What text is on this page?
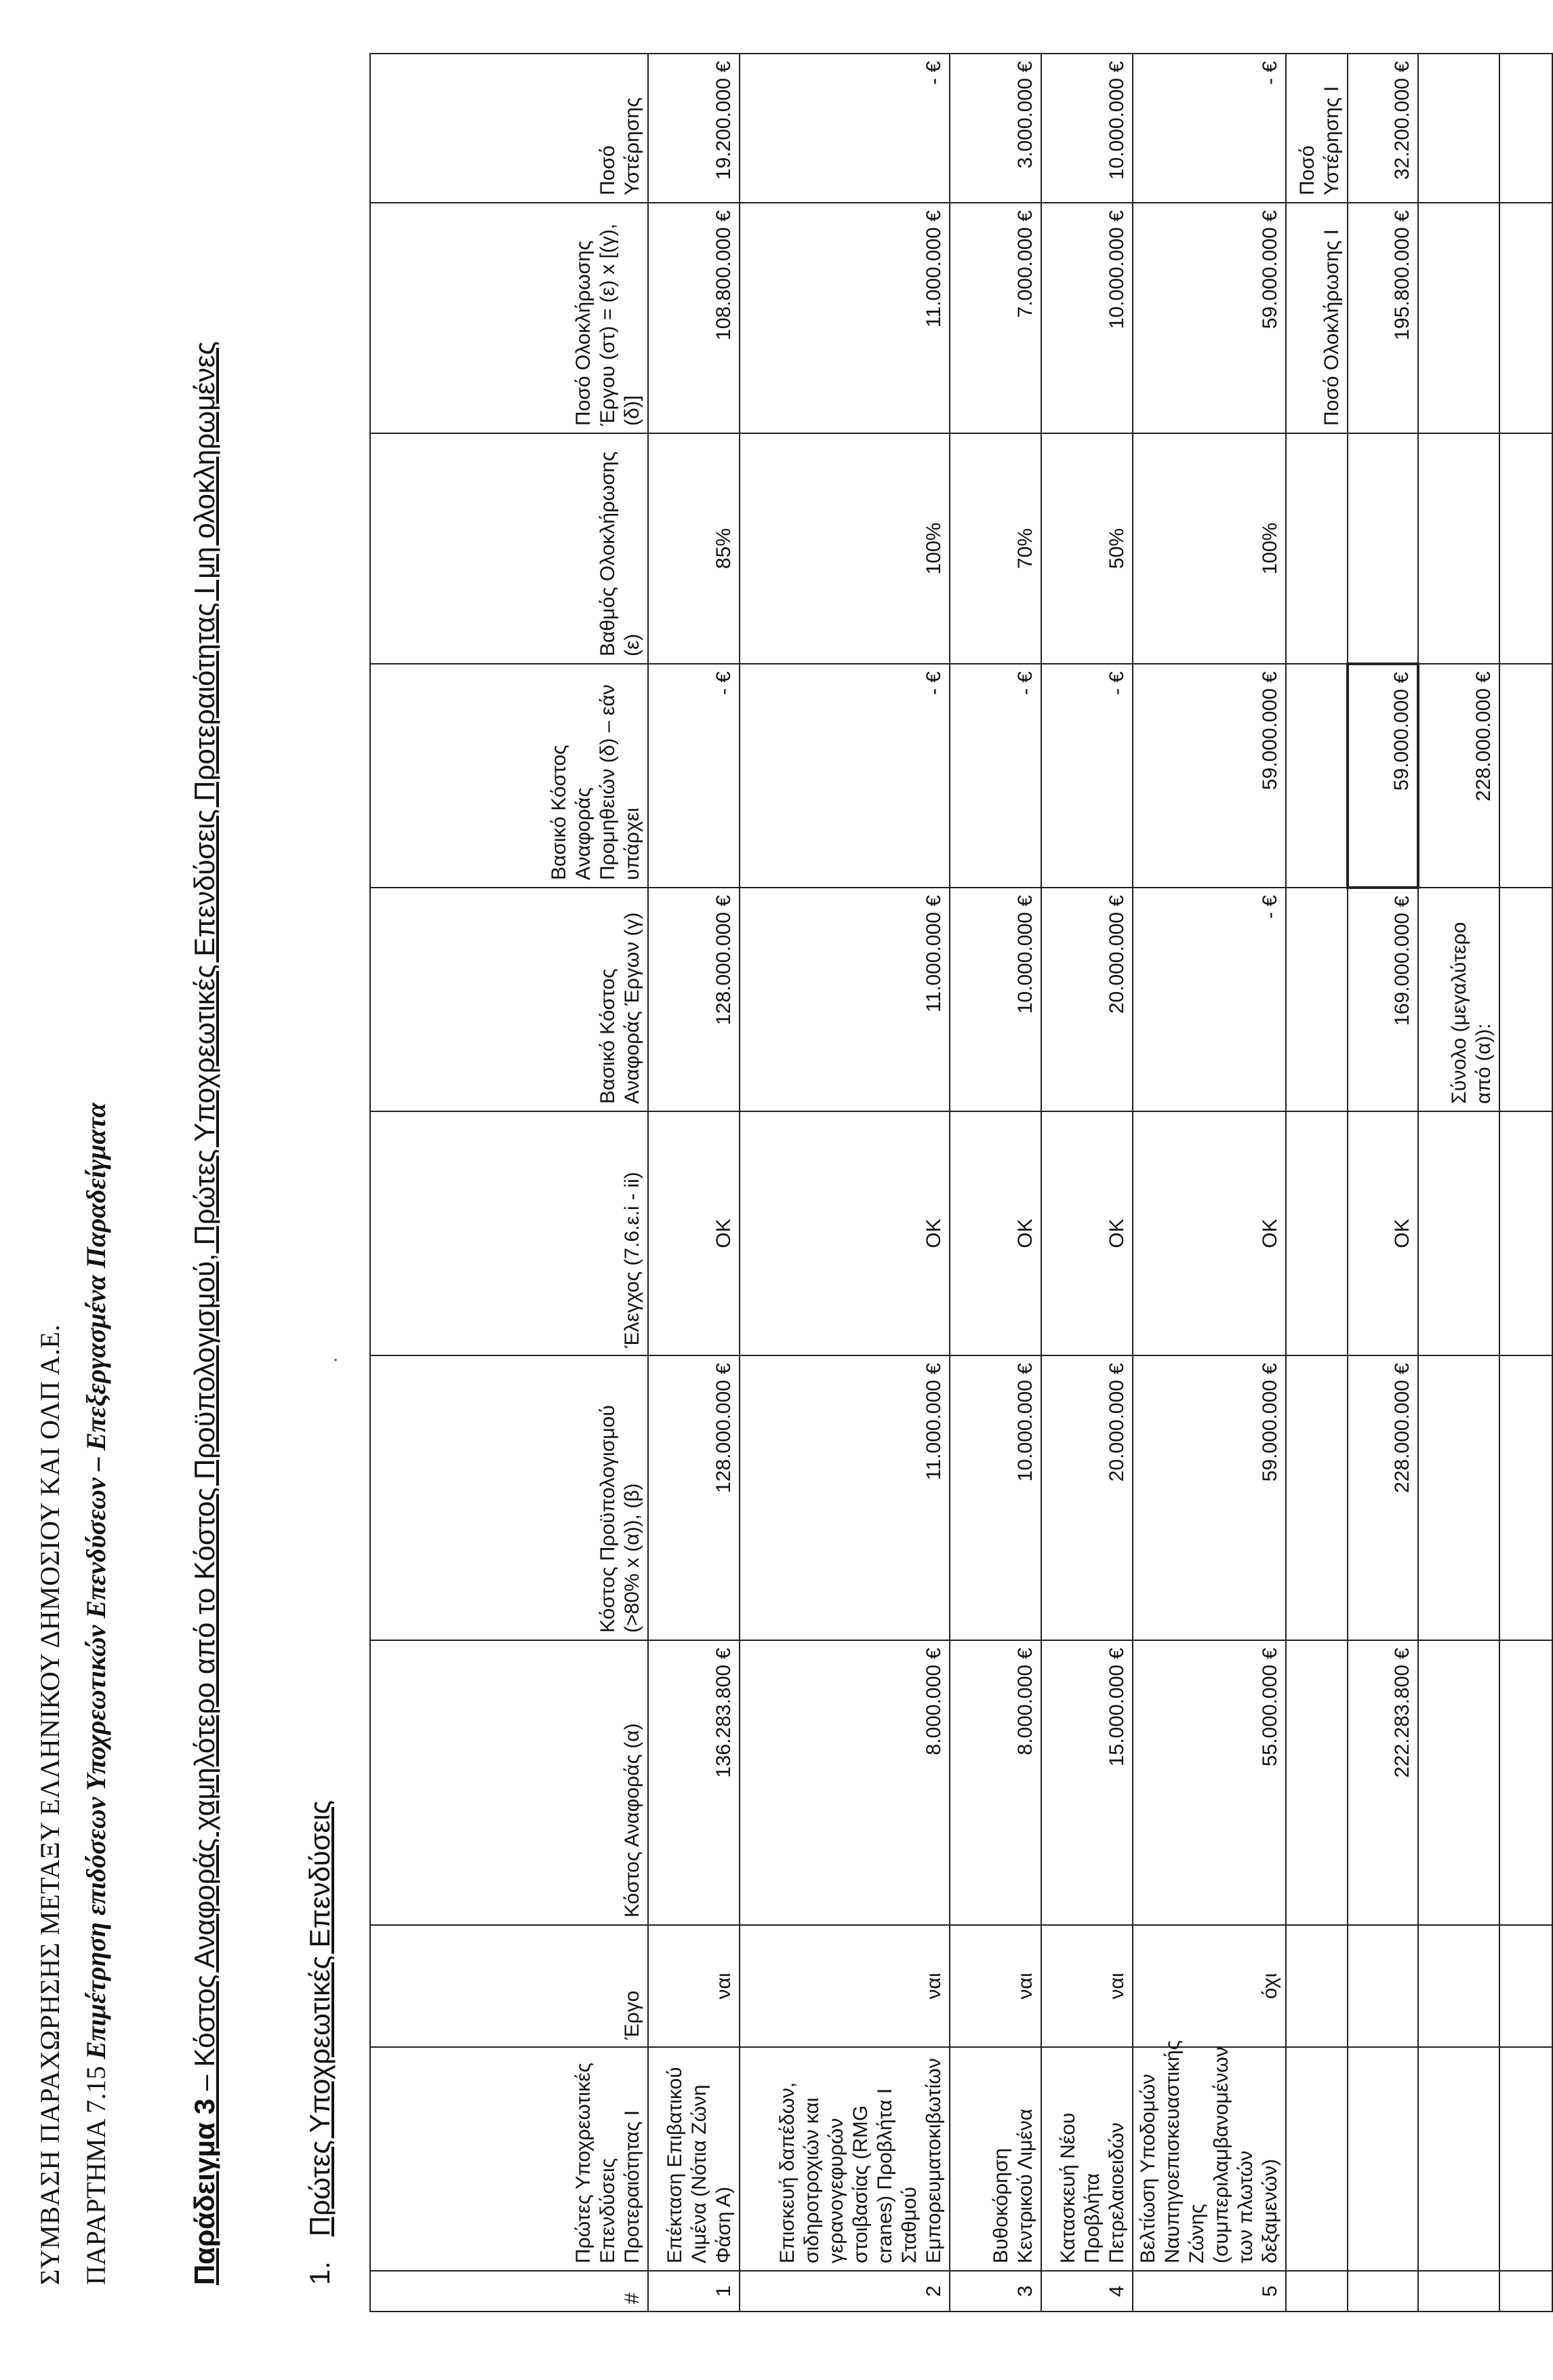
ΣΥΜΒΑΣΗ ΠΑΡΑΧΩΡΗΣΗΣ ΜΕΤΑΞΥ ΕΛΛΗΝΙΚΟΥ ΔΗΜΟΣΙΟΥ ΚΑΙ ΟΛΠ Α.Ε. ΠΑΡΑΡΤΗΜΑ 7.15 Επιμέτρηση επιδόσεων Υποχρεωτικών Επενδύσεων – Επεξεργασμένα Παραδείγματα
Παράδειγμα 3 – Κόστος Αναφοράς χαμηλότερο από το Κόστος Προϋπολογισμού, Πρώτες Υποχρεωτικές Επενδύσεις Προτεραιότητας I μη ολοκληρωμένες
1. Πρώτες Υποχρεωτικές Επενδύσεις
·
#	Πρώτες Υποχρεωτικές Επενδύσεις Προτεραιότητας I	Έργο	Κόστος Αναφοράς (α)	Κόστος Προϋπολογισμού (>80% x (α)), (β)	Έλεγχος (7.6.ε.i - ii)	Βασικό Κόστος Αναφοράς Έργων (γ)	Βασικό Κόστος Αναφοράς Προμηθειών (δ) – εάν υπάρχει	Βαθμός Ολοκλήρωσης (ε)	Ποσό Ολοκλήρωσης Έργου (στ) = (ε) x [(γ),(δ)]	Ποσό Υστέρησης
1	Επέκταση Επιβατικού Λιμένα (Νότια Ζώνη Φάση Α)	ναι	136.283.800 €	128.000.000 €	ΟΚ	128.000.000 €	- €	85%	108.800.000 €	19.200.000 €
2	Επισκευή δαπέδων, σιδηροτροχιών και γερανογεφυρών στοιβασίας (RMG cranes) Προβλήτα I Σταθμού Εμπορευματοκιβωτίων	ναι	8.000.000 €	11.000.000 €	ΟΚ	11.000.000 €	- €	100%	11.000.000 €	- €
3	Βυθοκόρηση Κεντρικού Λιμένα	ναι	8.000.000 €	10.000.000 €	ΟΚ	10.000.000 €	- €	70%	7.000.000 €	3.000.000 €
4	Κατασκευή Νέου Προβλήτα Πετρελαιοειδών	ναι	15.000.000 €	20.000.000 €	ΟΚ	20.000.000 €	- €	50%	10.000.000 €	10.000.000 €
5	Βελτίωση Υποδομών Ναυπηγοεπισκευαστικής Ζώνης (συμπεριλαμβανομένων των πλωτών δεξαμενών)	όχι	55.000.000 €	59.000.000 €	ΟΚ	- €	59.000.000 €	100%	59.000.000 €	- €
									Ποσό Ολοκλήρωσης I	Ποσό Υστέρησης I
			222.283.800 €	228.000.000 €	ΟΚ	169.000.000 €	59.000.000 €		195.800.000 €	32.200.000 €
						Σύνολο (μεγαλύτερο από (α)):	228.000.000 €			
